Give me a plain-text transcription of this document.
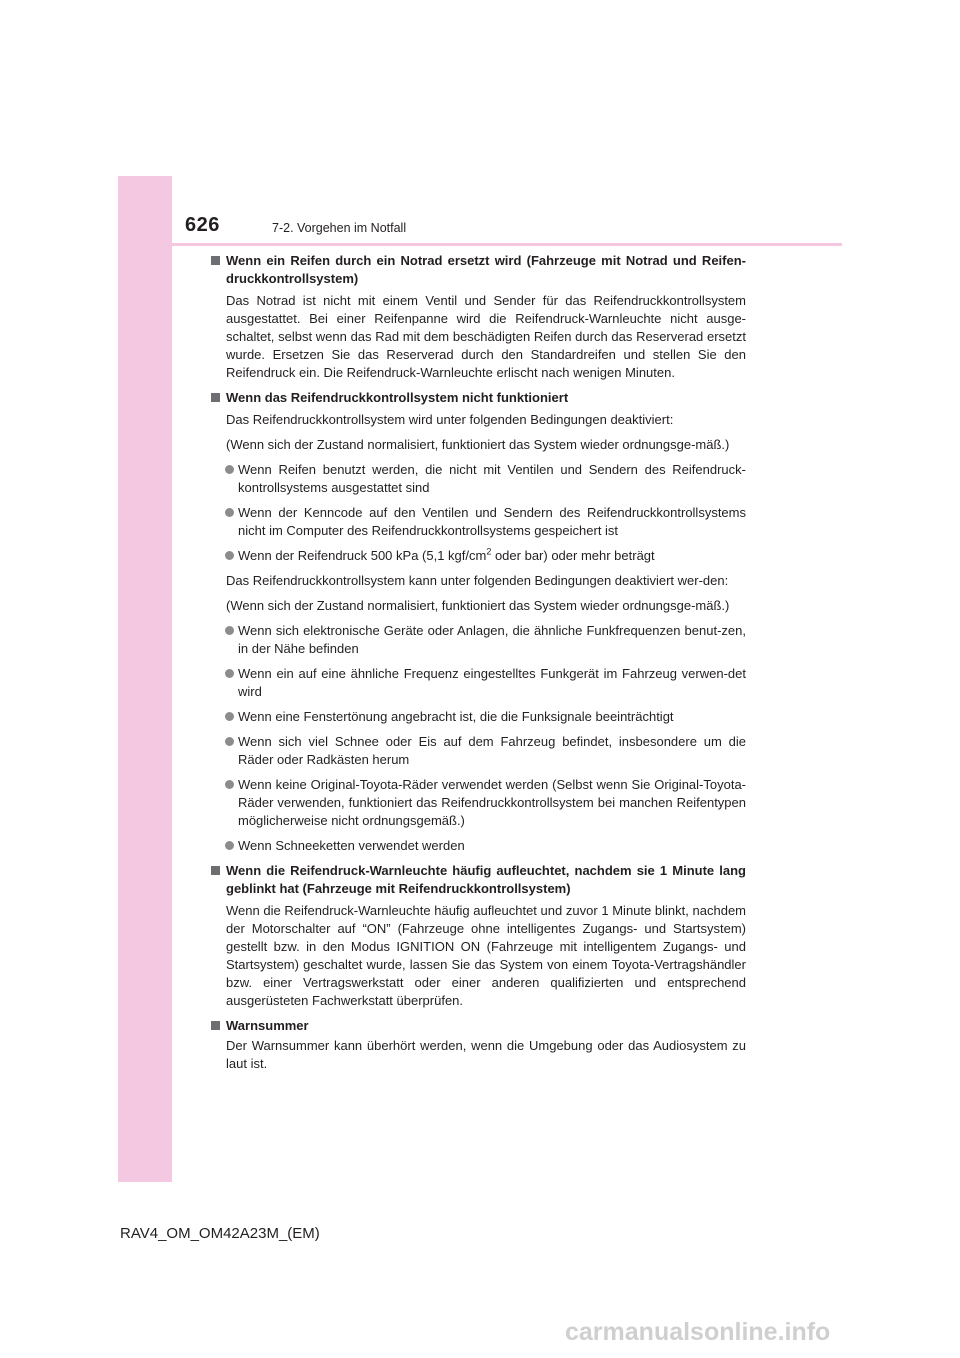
626	7-2. Vorgehen im Notfall
Wenn ein Reifen durch ein Notrad ersetzt wird (Fahrzeuge mit Notrad und Reifen-druckkontrollsystem)
Das Notrad ist nicht mit einem Ventil und Sender für das Reifendruckkontrollsystem ausgestattet. Bei einer Reifenpanne wird die Reifendruck-Warnleuchte nicht ausge-schaltet, selbst wenn das Rad mit dem beschädigten Reifen durch das Reserverad ersetzt wurde. Ersetzen Sie das Reserverad durch den Standardreifen und stellen Sie den Reifendruck ein. Die Reifendruck-Warnleuchte erlischt nach wenigen Minuten.
Wenn das Reifendruckkontrollsystem nicht funktioniert
Das Reifendruckkontrollsystem wird unter folgenden Bedingungen deaktiviert:
(Wenn sich der Zustand normalisiert, funktioniert das System wieder ordnungsge-mäß.)
Wenn Reifen benutzt werden, die nicht mit Ventilen und Sendern des Reifendruck-kontrollsystems ausgestattet sind
Wenn der Kenncode auf den Ventilen und Sendern des Reifendruckkontrollsystems nicht im Computer des Reifendruckkontrollsystems gespeichert ist
Wenn der Reifendruck 500 kPa (5,1 kgf/$cm^2$ oder bar) oder mehr beträgt
Das Reifendruckkontrollsystem kann unter folgenden Bedingungen deaktiviert wer-den:
(Wenn sich der Zustand normalisiert, funktioniert das System wieder ordnungsge-mäß.)
Wenn sich elektronische Geräte oder Anlagen, die ähnliche Funkfrequenzen benut-zen, in der Nähe befinden
Wenn ein auf eine ähnliche Frequenz eingestelltes Funkgerät im Fahrzeug verwen-det wird
Wenn eine Fenstertönung angebracht ist, die die Funksignale beeinträchtigt
Wenn sich viel Schnee oder Eis auf dem Fahrzeug befindet, insbesondere um die Räder oder Radkästen herum
Wenn keine Original-Toyota-Räder verwendet werden (Selbst wenn Sie Original-Toyota-Räder verwenden, funktioniert das Reifendruckkontrollsystem bei manchen Reifentypen möglicherweise nicht ordnungsgemäß.)
Wenn Schneeketten verwendet werden
Wenn die Reifendruck-Warnleuchte häufig aufleuchtet, nachdem sie 1 Minute lang geblinkt hat (Fahrzeuge mit Reifendruckkontrollsystem)
Wenn die Reifendruck-Warnleuchte häufig aufleuchtet und zuvor 1 Minute blinkt, nachdem der Motorschalter auf “ON” (Fahrzeuge ohne intelligentes Zugangs- und Startsystem) gestellt bzw. in den Modus IGNITION ON (Fahrzeuge mit intelligentem Zugangs- und Startsystem) geschaltet wurde, lassen Sie das System von einem Toyota-Vertragshändler bzw. einer Vertragswerkstatt oder einer anderen qualifizierten und entsprechend ausgerüsteten Fachwerkstatt überprüfen.
Warnsummer
Der Warnsummer kann überhört werden, wenn die Umgebung oder das Audiosystem zu laut ist.
RAV4_OM_OM42A23M_(EM)
carmanualsonline.info
